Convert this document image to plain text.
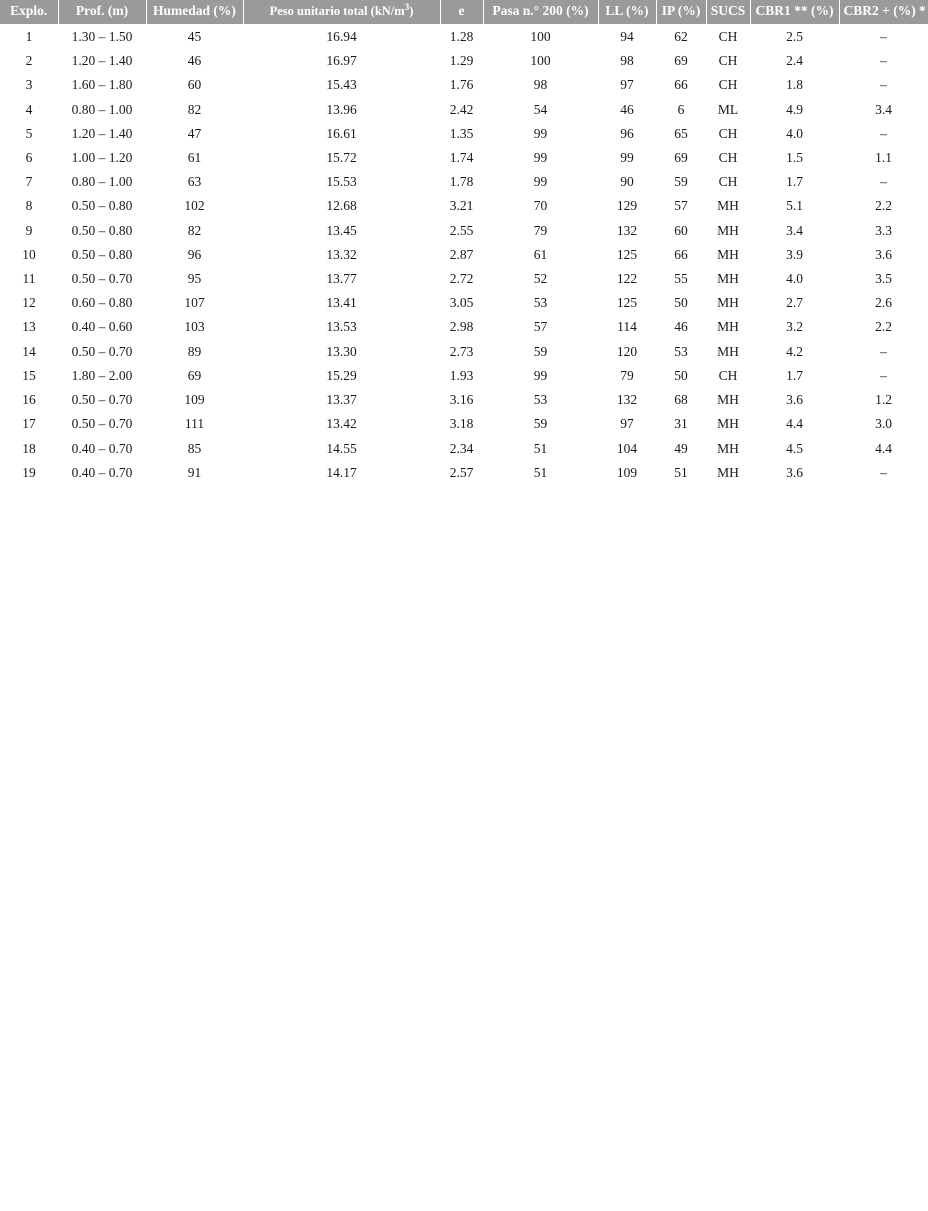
Explo.	Prof. (m)	Humedad (%)	Peso unitario total $(kN/m^3)$	e	Pasa n.° 200 (%)	LL (%)	IP (%)	SUCS	CBR1 ** (%)	CBR2 + (%) *
1	1.30 – 1.50	45	16.94	1.28	100	94	62	CH	2.5	–
2	1.20 – 1.40	46	16.97	1.29	100	98	69	CH	2.4	–
3	1.60 – 1.80	60	15.43	1.76	98	97	66	CH	1.8	–
4	0.80 – 1.00	82	13.96	2.42	54	46	6	ML	4.9	3.4
5	1.20 – 1.40	47	16.61	1.35	99	96	65	CH	4.0	–
6	1.00 – 1.20	61	15.72	1.74	99	99	69	CH	1.5	1.1
7	0.80 – 1.00	63	15.53	1.78	99	90	59	CH	1.7	–
8	0.50 – 0.80	102	12.68	3.21	70	129	57	MH	5.1	2.2
9	0.50 – 0.80	82	13.45	2.55	79	132	60	MH	3.4	3.3
10	0.50 – 0.80	96	13.32	2.87	61	125	66	MH	3.9	3.6
11	0.50 – 0.70	95	13.77	2.72	52	122	55	MH	4.0	3.5
12	0.60 – 0.80	107	13.41	3.05	53	125	50	MH	2.7	2.6
13	0.40 – 0.60	103	13.53	2.98	57	114	46	MH	3.2	2.2
14	0.50 – 0.70	89	13.30	2.73	59	120	53	MH	4.2	–
15	1.80 – 2.00	69	15.29	1.93	99	79	50	CH	1.7	–
16	0.50 – 0.70	109	13.37	3.16	53	132	68	MH	3.6	1.2
17	0.50 – 0.70	111	13.42	3.18	59	97	31	MH	4.4	3.0
18	0.40 – 0.70	85	14.55	2.34	51	104	49	MH	4.5	4.4
19	0.40 – 0.70	91	14.17	2.57	51	109	51	MH	3.6	–
